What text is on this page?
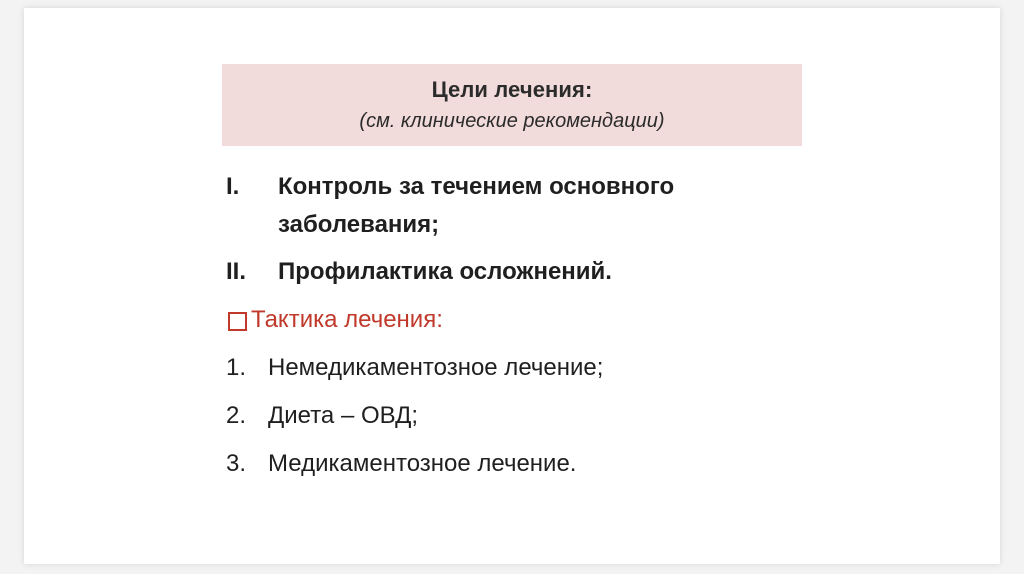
Цели лечения:
(см. клинические рекомендации)
I.	Контроль за течением основного заболевания;
II.	Профилактика осложнений.
Тактика лечения:
1. Немедикаментозное лечение;
2. Диета – ОВД;
3. Медикаментозное лечение.
